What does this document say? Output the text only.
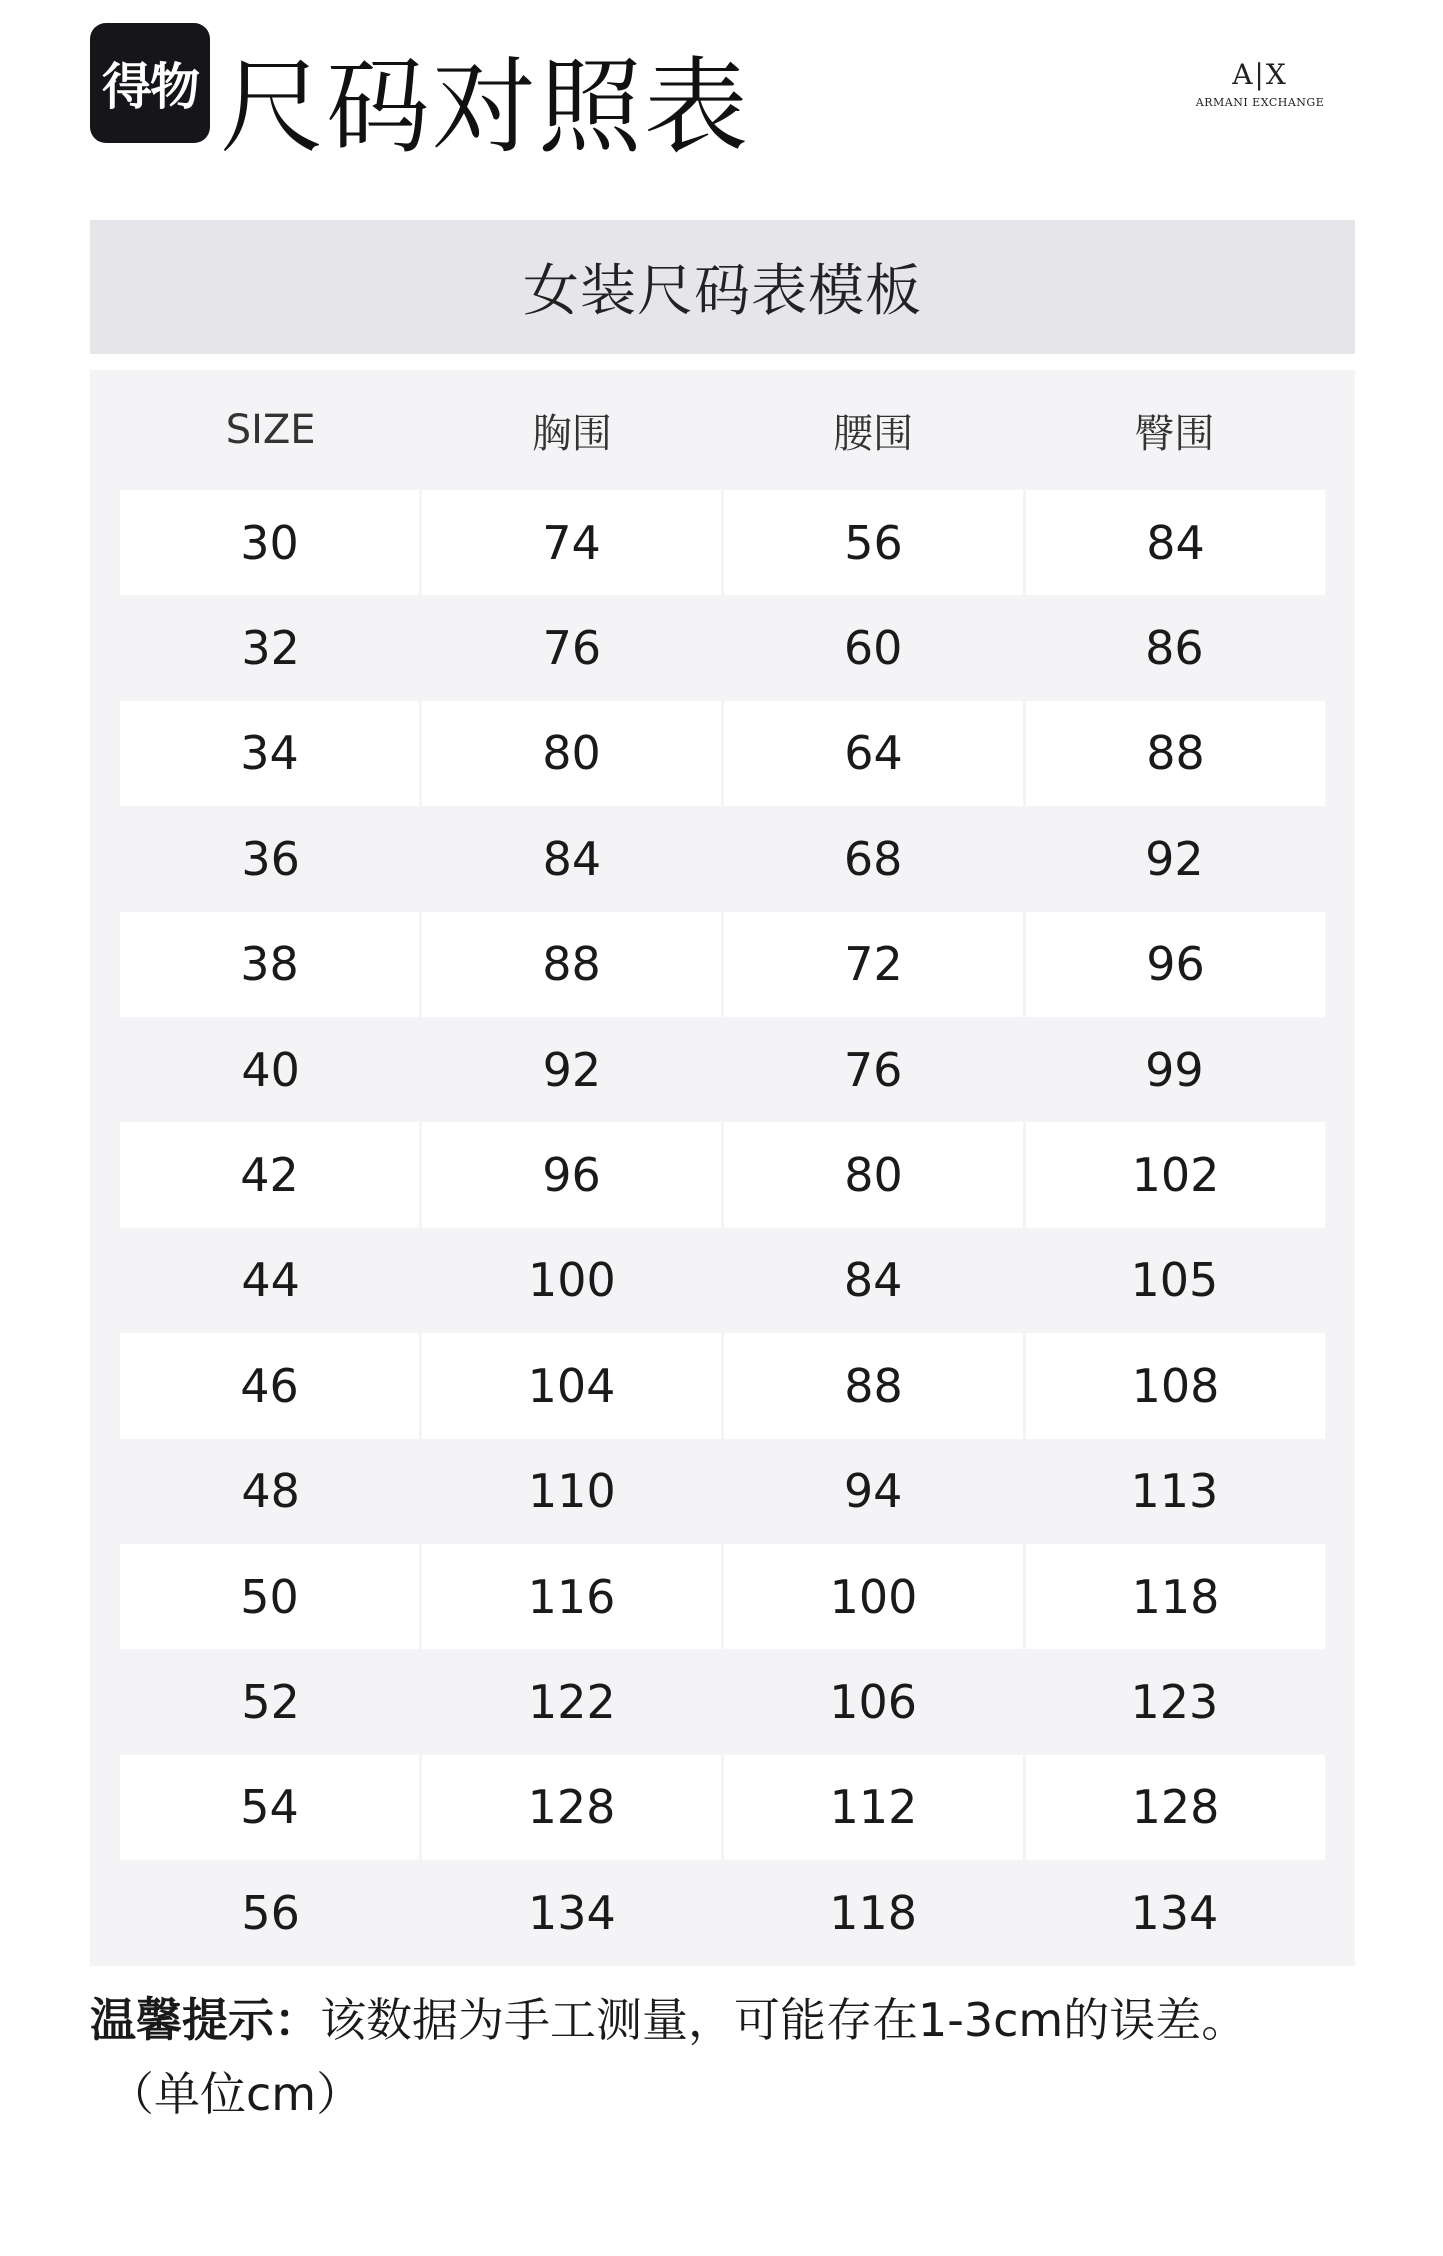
得物 尺码对照表	A|X
ARMANI EXCHANGE
女装尺码表模板
SIZE	胸围	腰围	臀围
30	74	56	84
32	76	60	86
34	80	64	88
36	84	68	92
38	88	72	96
40	92	76	99
42	96	80	102
44	100	84	105
46	104	88	108
48	110	94	113
50	116	100	118
52	122	106	123
54	128	112	128
56	134	118	134
温馨提示：该数据为手工测量，可能存在1-3cm的误差。
（单位cm）
